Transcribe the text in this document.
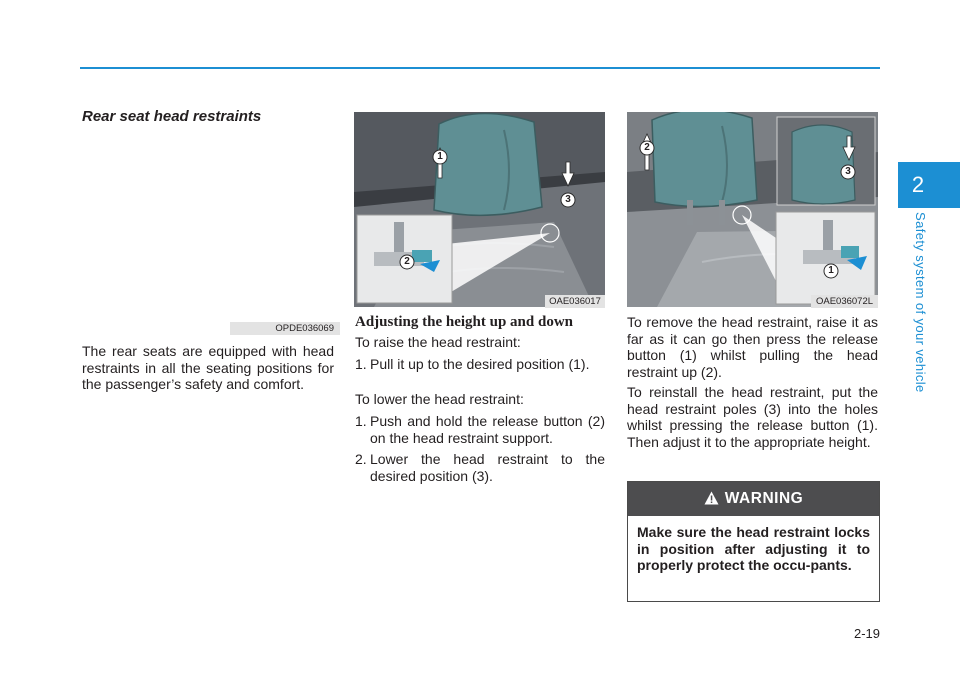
2
Safety system of your vehicle
Rear seat head restraints
OPDE036069

The rear seats are equipped with head restraints in all the seating positions for the passenger’s safety and comfort.

1
3
2
OAE036017
Adjusting the height up and down
To raise the head restraint:
1. Pull it up to the desired position (1).
To lower the head restraint:
1. Push and hold the release button (2) on the head restraint support.
2. Lower the head restraint to the desired position (3).
2
3
1
OAE036072L

To remove the head restraint, raise it as far as it can go then press the release button (1) whilst pulling the head restraint up (2).

To reinstall the head restraint, put the head restraint poles (3) into the holes whilst pressing the release button (1). Then adjust it to the appropriate height.

WARNING
Make sure the head restraint locks in position after adjusting it to properly protect the occu-pants.
2-19
